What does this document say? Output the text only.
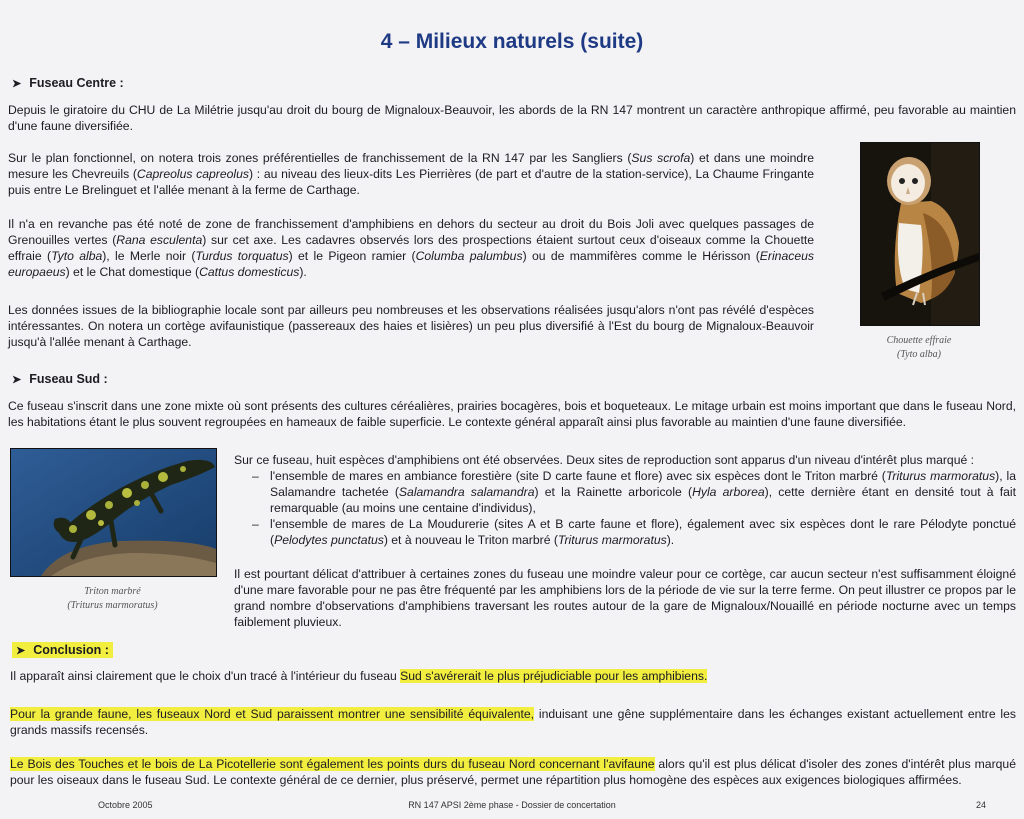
4 – Milieux naturels (suite)
➤ Fuseau Centre :
Depuis le giratoire du CHU de La Milétrie jusqu'au droit du bourg de Mignaloux-Beauvoir, les abords de la RN 147 montrent un caractère anthropique affirmé, peu favorable au maintien d'une faune diversifiée.
Sur le plan fonctionnel, on notera trois zones préférentielles de franchissement de la RN 147 par les Sangliers (Sus scrofa) et dans une moindre mesure les Chevreuils (Capreolus capreolus) : au niveau des lieux-dits Les Pierrières (de part et d'autre de la station-service), La Chaume Fringante puis entre Le Brelinguet et l'allée menant à la ferme de Carthage.
Il n'a en revanche pas été noté de zone de franchissement d'amphibiens en dehors du secteur au droit du Bois Joli avec quelques passages de Grenouilles vertes (Rana esculenta) sur cet axe. Les cadavres observés lors des prospections étaient surtout ceux d'oiseaux comme la Chouette effraie (Tyto alba), le Merle noir (Turdus torquatus) et le Pigeon ramier (Columba palumbus) ou de mammifères comme le Hérisson (Erinaceus europaeus) et le Chat domestique (Cattus domesticus).
Les données issues de la bibliographie locale sont par ailleurs peu nombreuses et les observations réalisées jusqu'alors n'ont pas révélé d'espèces intéressantes. On notera un cortège avifaunistique (passereaux des haies et lisières) un peu plus diversifié à l'Est du bourg de Mignaloux-Beauvoir jusqu'à l'allée menant à Carthage.	Chouette effraie
(Tyto alba)
➤ Fuseau Sud :
Ce fuseau s'inscrit dans une zone mixte où sont présents des cultures céréalières, prairies bocagères, bois et boqueteaux. Le mitage urbain est moins important que dans le fuseau Nord, les habitations étant le plus souvent regroupées en hameaux de faible superficie. Le contexte général apparaît ainsi plus favorable au maintien d'une faune diversifiée.
Triton marbré
(Triturus marmoratus)
Sur ce fuseau, huit espèces d'amphibiens ont été observées. Deux sites de reproduction sont apparus d'un niveau d'intérêt plus marqué :
– l'ensemble de mares en ambiance forestière (site D carte faune et flore) avec six espèces dont le Triton marbré (Triturus marmoratus), la Salamandre tachetée (Salamandra salamandra) et la Rainette arboricole (Hyla arborea), cette dernière étant en densité tout à fait remarquable (au moins une centaine d'individus),
– l'ensemble de mares de La Moudurerie (sites A et B carte faune et flore), également avec six espèces dont le rare Pélodyte ponctué (Pelodytes punctatus) et à nouveau le Triton marbré (Triturus marmoratus).
Il est pourtant délicat d'attribuer à certaines zones du fuseau une moindre valeur pour ce cortège, car aucun secteur n'est suffisamment éloigné d'une mare favorable pour ne pas être fréquenté par les amphibiens lors de la période de vie sur la terre ferme. On peut illustrer ce propos par le grand nombre d'observations d'amphibiens traversant les routes autour de la gare de Mignaloux/Nouaillé en période nocturne avec un temps faiblement pluvieux.
➤ Conclusion :
Il apparaît ainsi clairement que le choix d'un tracé à l'intérieur du fuseau Sud s'avérerait le plus préjudiciable pour les amphibiens.
Pour la grande faune, les fuseaux Nord et Sud paraissent montrer une sensibilité équivalente, induisant une gêne supplémentaire dans les échanges existant actuellement entre les grands massifs recensés.
Le Bois des Touches et le bois de La Picotellerie sont également les points durs du fuseau Nord concernant l'avifaune alors qu'il est plus délicat d'isoler des zones d'intérêt plus marqué pour les oiseaux dans le fuseau Sud. Le contexte général de ce dernier, plus préservé, permet une répartition plus homogène des espèces aux exigences biologiques affirmées.
Octobre 2005	RN 147 APSI 2ème phase - Dossier de concertation	24
